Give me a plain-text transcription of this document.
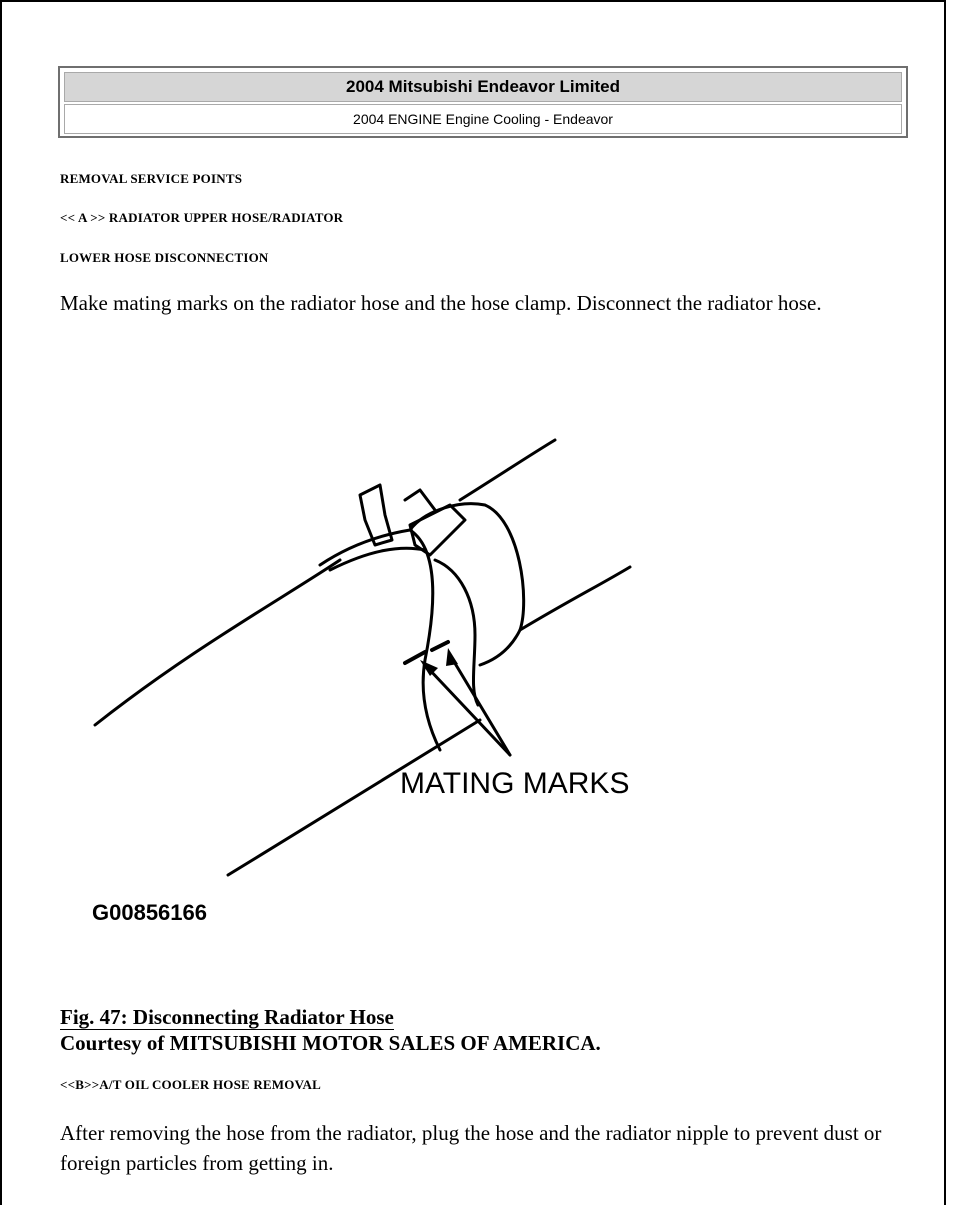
2004 Mitsubishi Endeavor Limited
2004 ENGINE Engine Cooling - Endeavor
REMOVAL SERVICE POINTS
<< A >> RADIATOR UPPER HOSE/RADIATOR
LOWER HOSE DISCONNECTION
Make mating marks on the radiator hose and the hose clamp. Disconnect the radiator hose.
MATING MARKS
G00856166
Fig. 47: Disconnecting Radiator Hose
Courtesy of MITSUBISHI MOTOR SALES OF AMERICA.
<<B>>A/T OIL COOLER HOSE REMOVAL
After removing the hose from the radiator, plug the hose and the radiator nipple to prevent dust or foreign particles from getting in.
